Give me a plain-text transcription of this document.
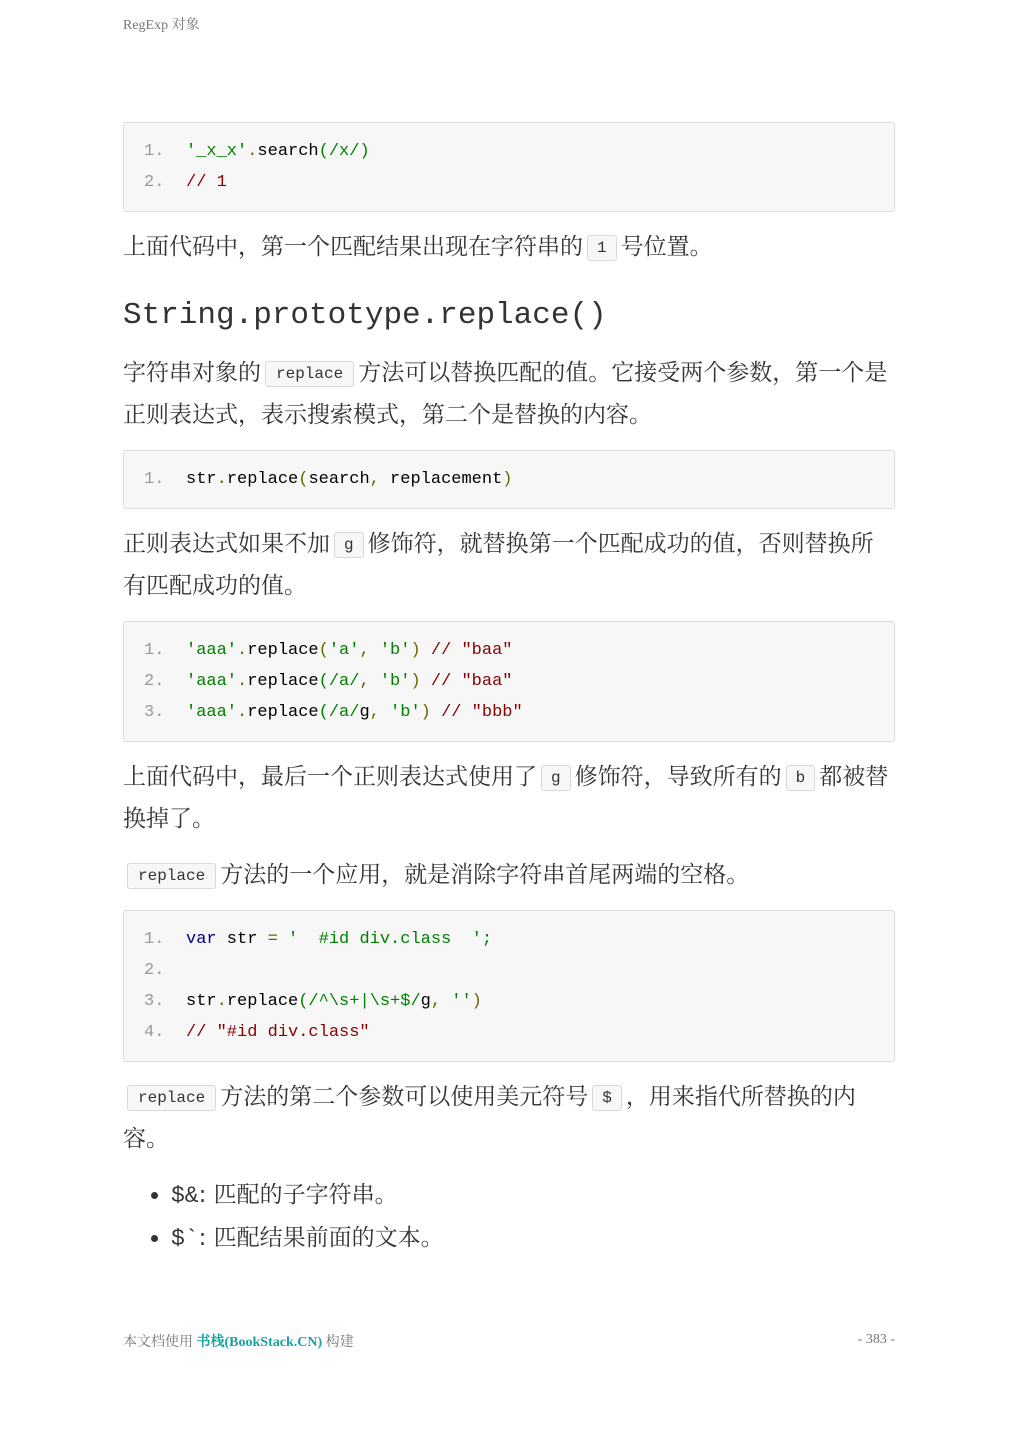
RegExp 对象
1. '_x_x'.search(/x/)
2. // 1

上面代码中，第一个匹配结果出现在字符串的 1 号位置。

String.prototype.replace()

字符串对象的 replace 方法可以替换匹配的值。它接受两个参数，第一个是正则表达式，表示搜索模式，第二个是替换的内容。

1. str.replace(search, replacement)

正则表达式如果不加 g 修饰符，就替换第一个匹配成功的值，否则替换所有匹配成功的值。

1. 'aaa'.replace('a', 'b') // "baa"
2. 'aaa'.replace(/a/, 'b') // "baa"
3. 'aaa'.replace(/a/g, 'b') // "bbb"

上面代码中，最后一个正则表达式使用了 g 修饰符，导致所有的 b 都被替换掉了。

replace 方法的一个应用，就是消除字符串首尾两端的空格。

1. var str = '  #id div.class  ';
2.
3. str.replace(/^\s+|\s+$/g, '')
4. // "#id div.class"

replace 方法的第二个参数可以使用美元符号 $ ，用来指代所替换的内容。

• $&: 匹配的子字符串。
• $`: 匹配结果前面的文本。
本文档使用 书栈(BookStack.CN) 构建	- 383 -
